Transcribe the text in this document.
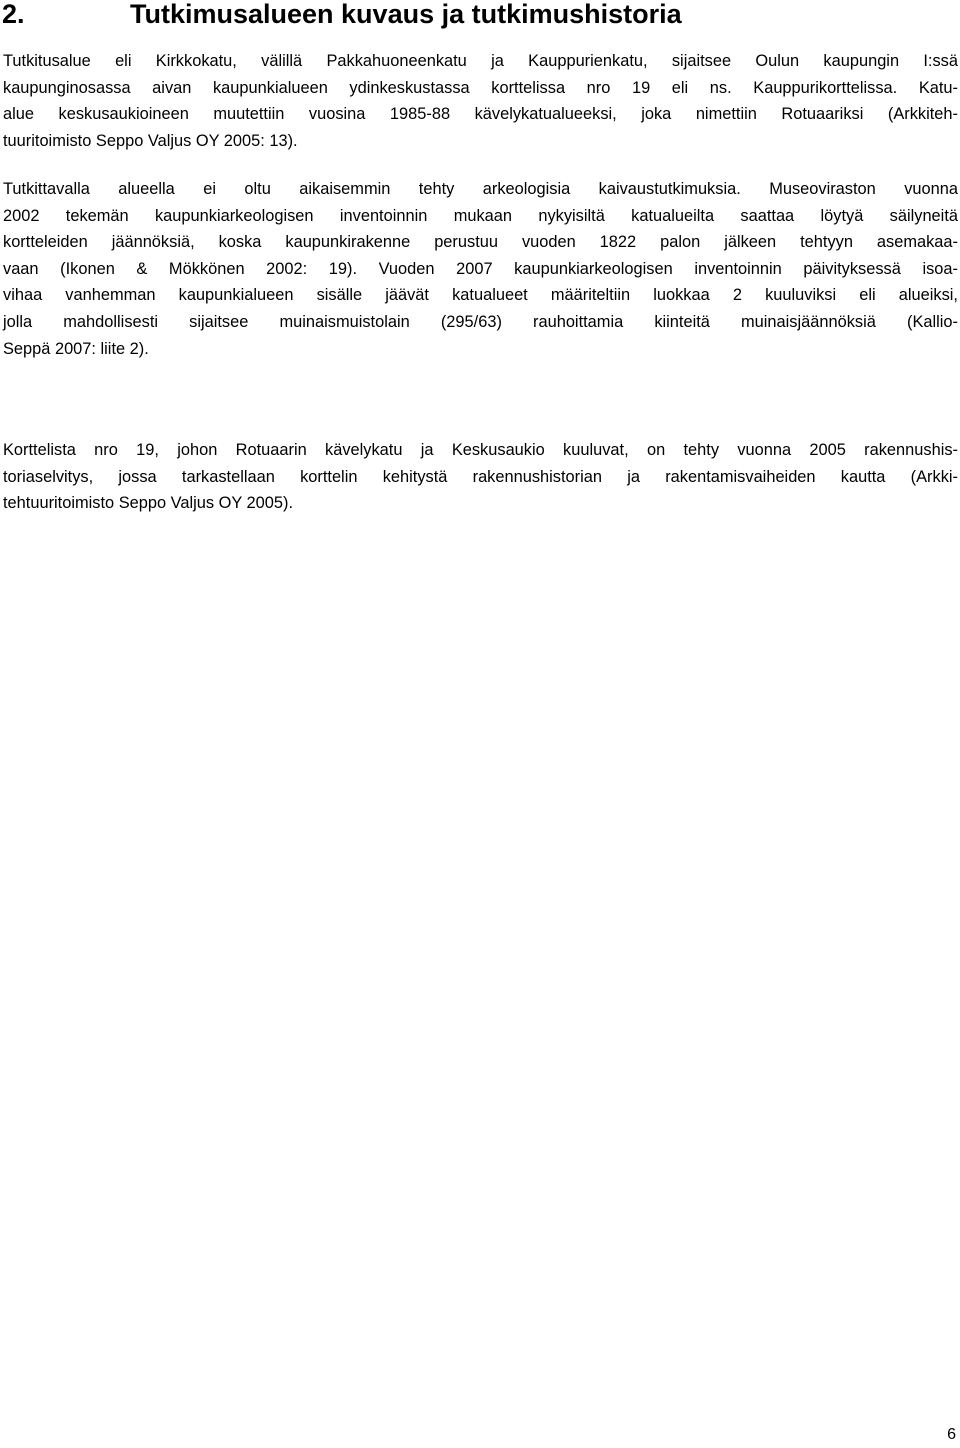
2.	Tutkimusalueen kuvaus ja tutkimushistoria
Tutkitusalue eli Kirkkokatu, välillä Pakkahuoneenkatu ja Kauppurienkatu, sijaitsee Oulun kaupungin I:ssä
kaupunginosassa aivan kaupunkialueen ydinkeskustassa korttelissa nro 19 eli ns. Kauppurikorttelissa. Katu-
alue keskusaukioineen muutettiin vuosina 1985-88 kävelykatualueeksi, joka nimettiin Rotuaariksi (Arkkiteh-
tuuritoimisto Seppo Valjus OY 2005: 13).
Tutkittavalla alueella ei oltu aikaisemmin tehty arkeologisia kaivaustutkimuksia. Museoviraston vuonna
2002 tekemän kaupunkiarkeologisen inventoinnin mukaan nykyisiltä katualueilta saattaa löytyä säilyneitä
kortteleiden jäännöksiä, koska kaupunkirakenne perustuu vuoden 1822 palon jälkeen tehtyyn asemakaa-
vaan (Ikonen & Mökkönen 2002: 19). Vuoden 2007 kaupunkiarkeologisen inventoinnin päivityksessä isoa-
vihaa vanhemman kaupunkialueen sisälle jäävät katualueet määriteltiin luokkaa 2 kuuluviksi eli alueiksi,
jolla mahdollisesti sijaitsee muinaismuistolain (295/63) rauhoittamia kiinteitä muinaisjäännöksiä (Kallio-
Seppä 2007: liite 2).
Korttelista nro 19, johon Rotuaarin kävelykatu ja Keskusaukio kuuluvat, on tehty vuonna 2005 rakennushis-
toriaselvitys, jossa tarkastellaan korttelin kehitystä rakennushistorian ja rakentamisvaiheiden kautta (Arkki-
tehtuuritoimisto Seppo Valjus OY 2005).
6
